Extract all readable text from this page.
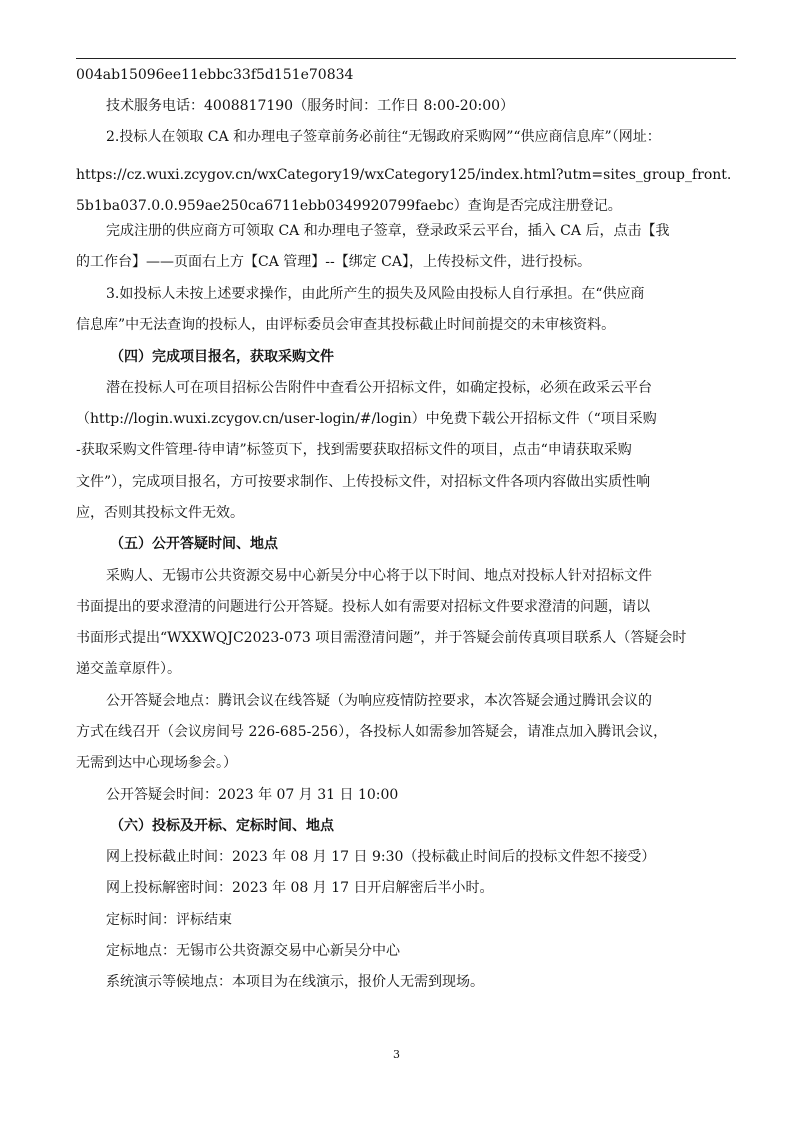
004ab15096ee11ebbc33f5d151e70834
技术服务电话：4008817190（服务时间：工作日 8:00-20:00）
2.投标人在领取 CA 和办理电子签章前务必前往“无锡政府采购网”“供应商信息库”（网址：
https://cz.wuxi.zcygov.cn/wxCategory19/wxCategory125/index.html?utm=sites_group_front.5b1ba037.0.0.959ae250ca6711ebb0349920799faebc）查询是否完成注册登记。
完成注册的供应商方可领取 CA 和办理电子签章，登录政采云平台，插入 CA 后，点击【我
的工作台】——页面右上方【CA 管理】--【绑定 CA】，上传投标文件，进行投标。
3.如投标人未按上述要求操作，由此所产生的损失及风险由投标人自行承担。在“供应商
信息库”中无法查询的投标人，由评标委员会审查其投标截止时间前提交的未审核资料。
（四）完成项目报名，获取采购文件
潜在投标人可在项目招标公告附件中查看公开招标文件，如确定投标，必须在政采云平台
（http://login.wuxi.zcygov.cn/user-login/#/login）中免费下载公开招标文件（“项目采购
-获取采购文件管理-待申请”标签页下，找到需要获取招标文件的项目，点击“申请获取采购
文件”），完成项目报名，方可按要求制作、上传投标文件，对招标文件各项内容做出实质性响
应，否则其投标文件无效。
（五）公开答疑时间、地点
采购人、无锡市公共资源交易中心新吴分中心将于以下时间、地点对投标人针对招标文件
书面提出的要求澄清的问题进行公开答疑。投标人如有需要对招标文件要求澄清的问题，请以
书面形式提出“WXXWQJC2023-073 项目需澄清问题”，并于答疑会前传真项目联系人（答疑会时
递交盖章原件）。
公开答疑会地点：腾讯会议在线答疑（为响应疫情防控要求，本次答疑会通过腾讯会议的
方式在线召开（会议房间号 226-685-256），各投标人如需参加答疑会，请准点加入腾讯会议，
无需到达中心现场参会。）
公开答疑会时间：2023 年 07 月 31 日 10:00
（六）投标及开标、定标时间、地点
网上投标截止时间：2023 年 08 月 17 日 9:30（投标截止时间后的投标文件恕不接受）
网上投标解密时间：2023 年 08 月 17 日开启解密后半小时。
定标时间：评标结束
定标地点：无锡市公共资源交易中心新吴分中心
系统演示等候地点：本项目为在线演示，报价人无需到现场。
3
